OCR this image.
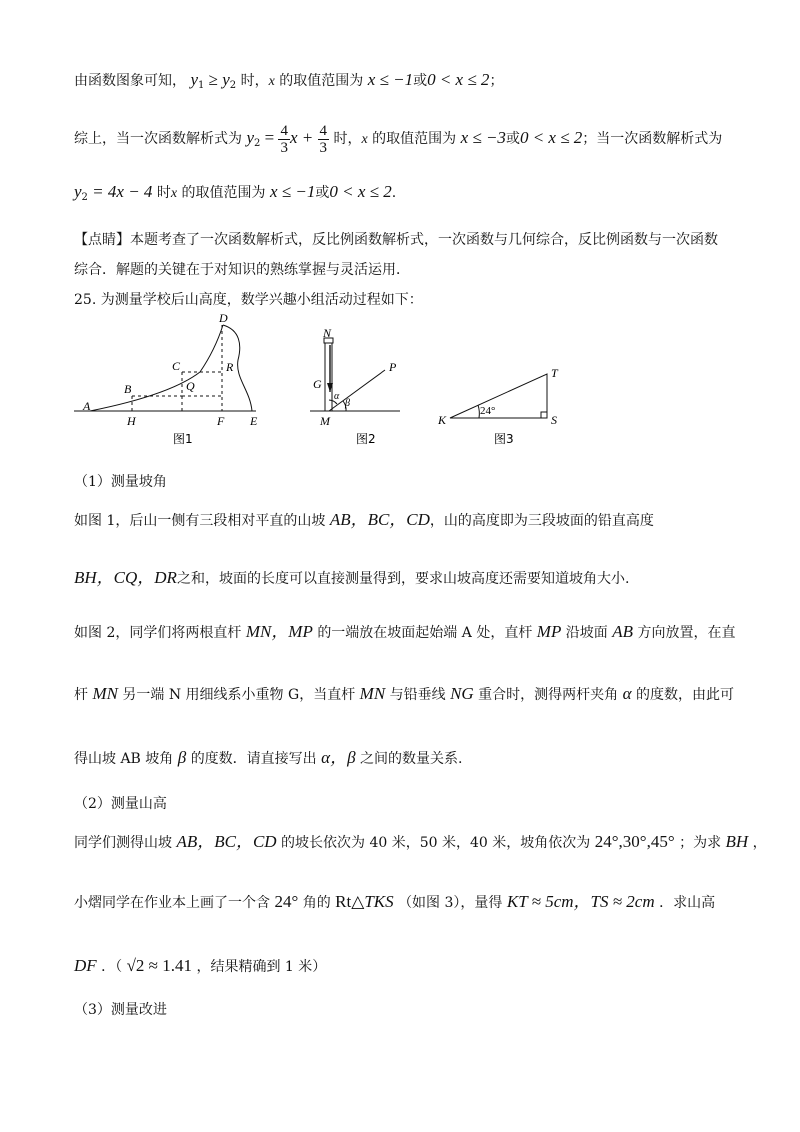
由函数图象可知， $y_1 \ge y_2$ 时，x 的取值范围为 x ≤ −1或0 < x ≤ 2；
综上，当一次函数解析式为 $y_2 = \frac{4}{3}$ $x + \frac{4}{3}$ 时，x 的取值范围为 x ≤ −3或0 < x ≤ 2；当一次函数解析式为
$y_2 = 4x - 4$ 时x 的取值范围为 x ≤ −1或0 < x ≤ 2.
【点睛】本题考查了一次函数解析式，反比例函数解析式，一次函数与几何综合，反比例函数与一次函数
综合．解题的关键在于对知识的熟练掌握与灵活运用．
25. 为测量学校后山高度，数学兴趣小组活动过程如下：
D
C	R
B	Q
A
H	F E
图1
N
G
P
α
β
M
图2
T
24°
K	S
图3
（1）测量坡角
如图 1，后山一侧有三段相对平直的山坡 AB，BC，CD，山的高度即为三段坡面的铅直高度
BH，CQ，DR之和，坡面的长度可以直接测量得到，要求山坡高度还需要知道坡角大小.
如图 2，同学们将两根直杆 MN，MP 的一端放在坡面起始端 A 处，直杆 MP 沿坡面 AB 方向放置，在直
杆 MN 另一端 N 用细线系小重物 G，当直杆 MN 与铅垂线 NG 重合时，测得两杆夹角 α 的度数，由此可
得山坡 AB 坡角 β 的度数．请直接写出 α，β 之间的数量关系.
（2）测量山高
同学们测得山坡 AB，BC，CD 的坡长依次为 40 米，50 米，40 米，坡角依次为 24°,30°,45° ；为求 BH ，
小熠同学在作业本上画了一个含 24° 角的 Rt△TKS （如图 3），量得 KT ≈ 5cm，TS ≈ 2cm ．求山高
DF ．（ √2 ≈ 1.41 ，结果精确到 1 米）
（3）测量改进
